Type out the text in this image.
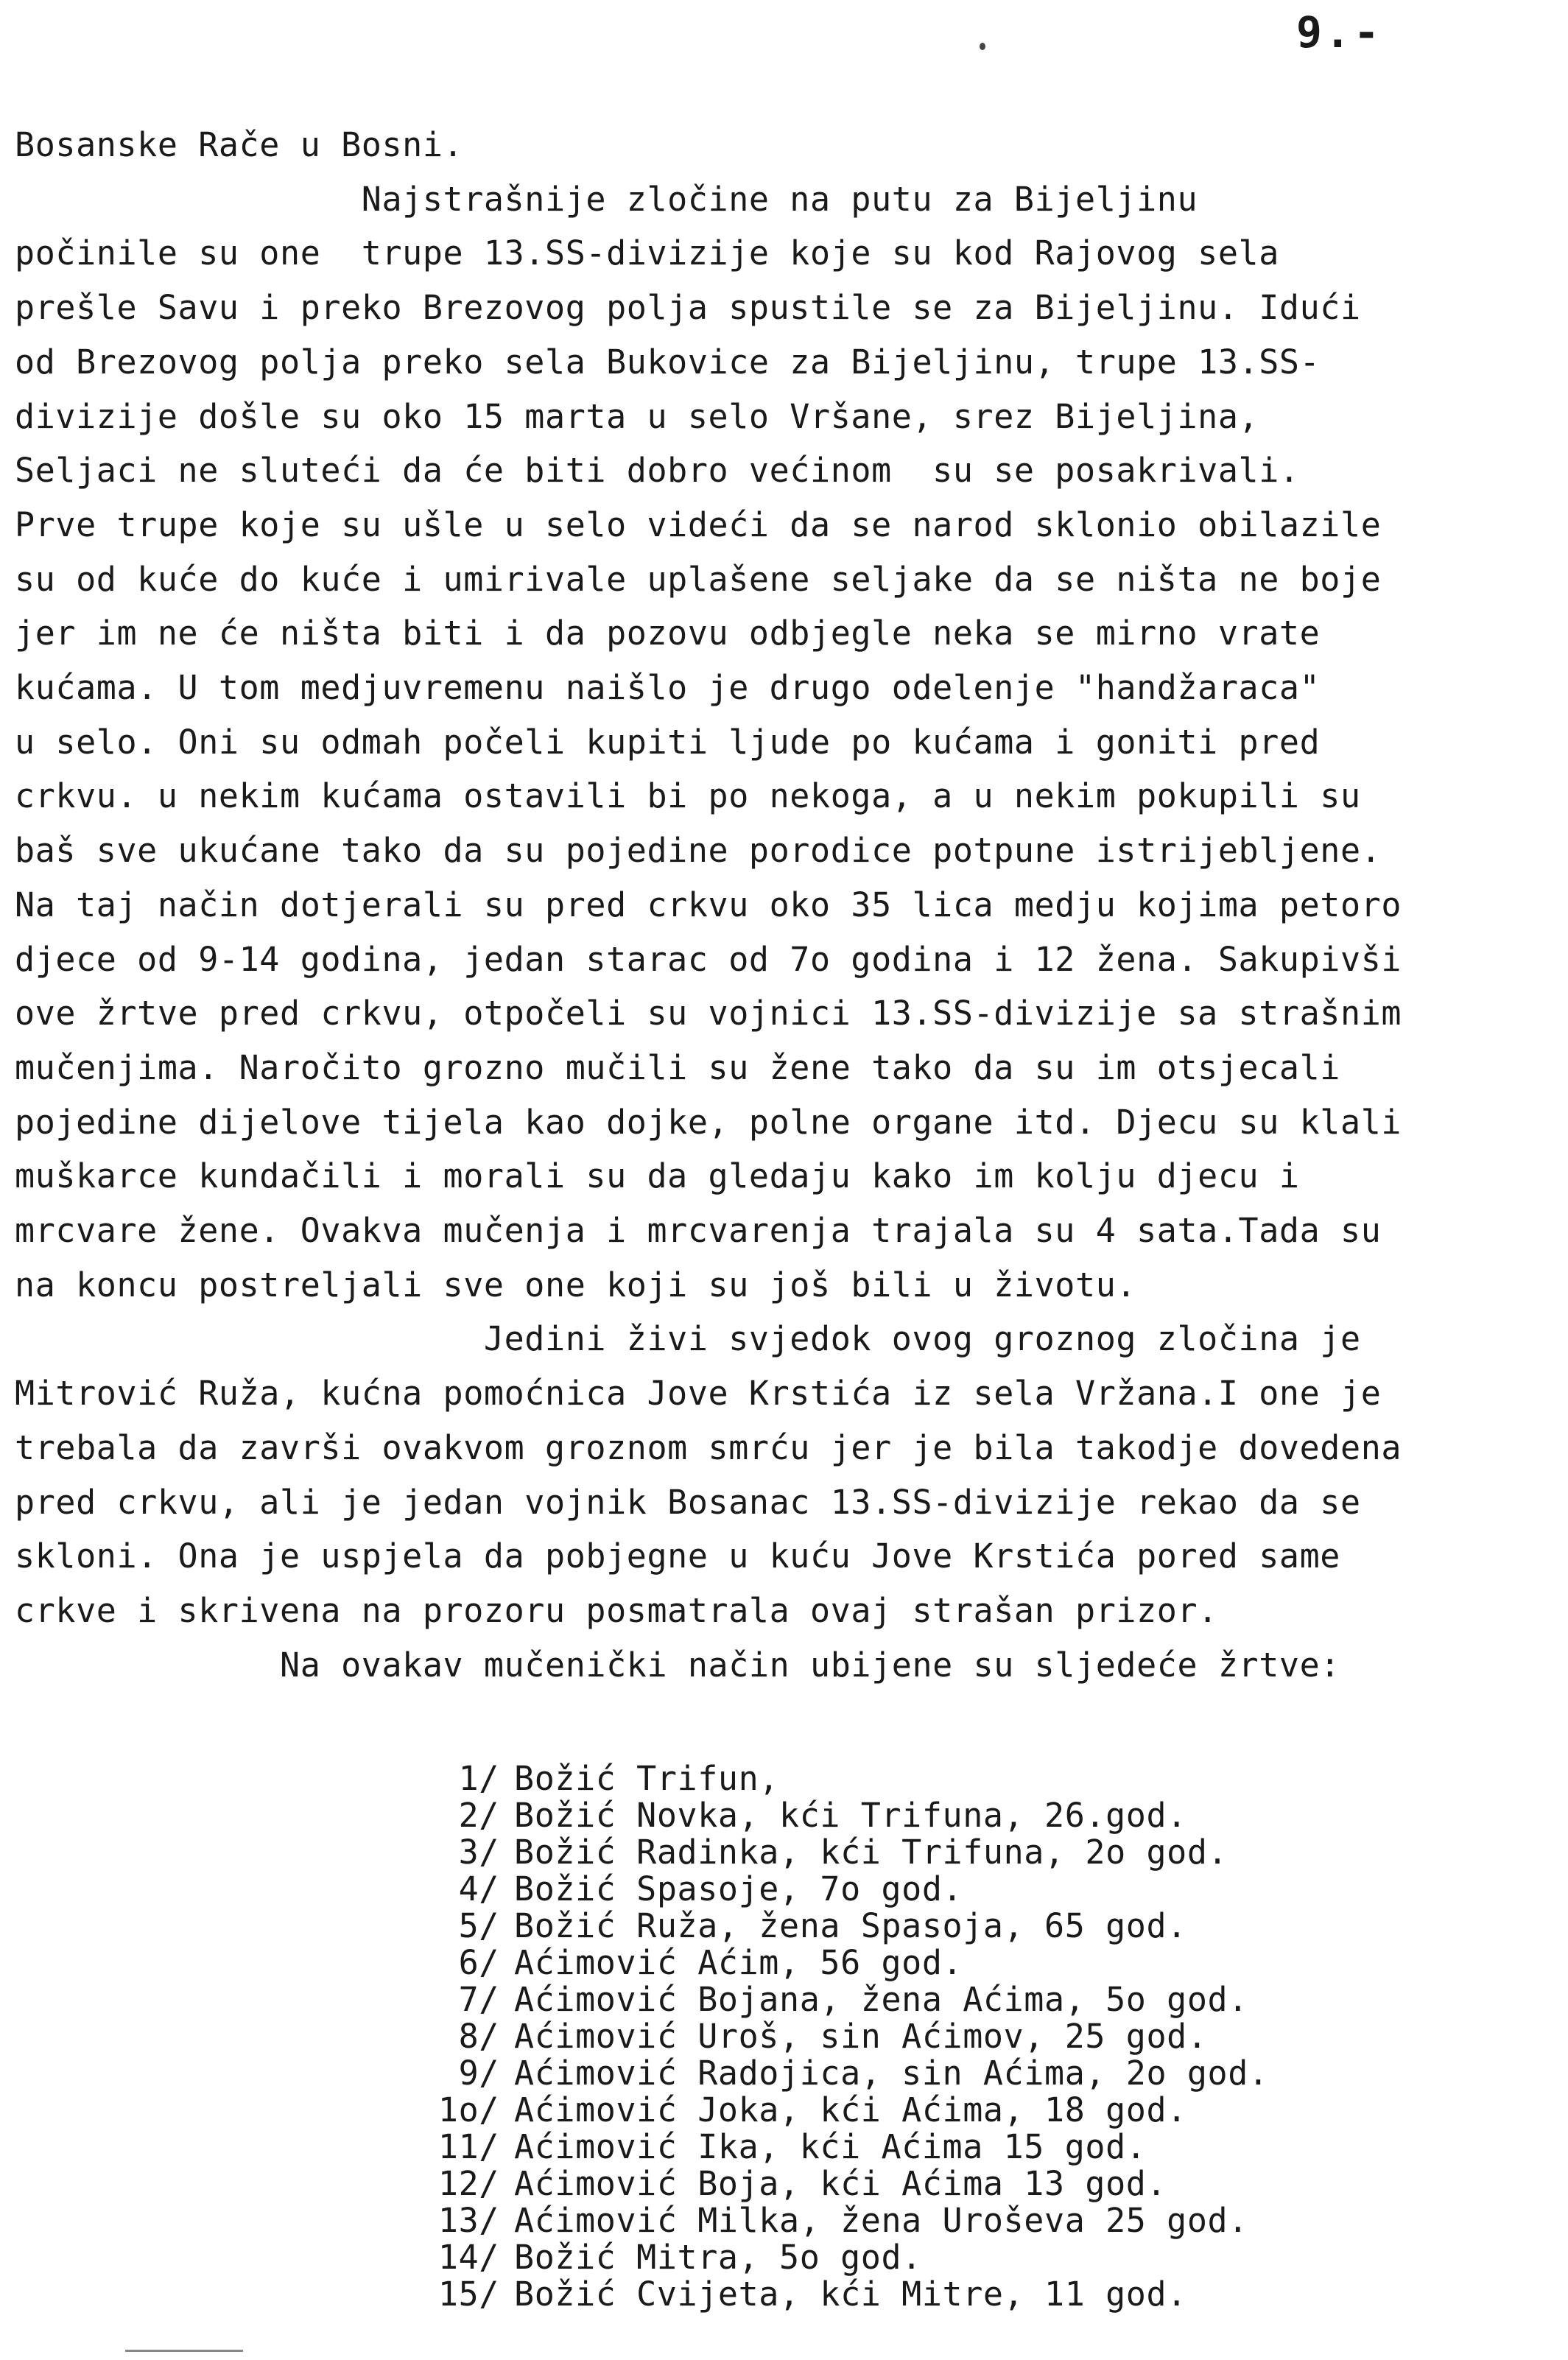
9.-
Bosanske Rače u Bosni.
Najstrašnije zločine na putu za Bijeljinu
počinile su one  trupe 13.SS-divizije koje su kod Rajovog sela
prešle Savu i preko Brezovog polja spustile se za Bijeljinu. Idući
od Brezovog polja preko sela Bukovice za Bijeljinu, trupe 13.SS-
divizije došle su oko 15 marta u selo Vršane, srez Bijeljina,
Seljaci ne sluteći da će biti dobro većinom  su se posakrivali.
Prve trupe koje su ušle u selo videći da se narod sklonio obilazile
su od kuće do kuće i umirivale uplašene seljake da se ništa ne boje
jer im ne će ništa biti i da pozovu odbjegle neka se mirno vrate
kućama. U tom medjuvremenu naišlo je drugo odelenje "handžaraca"
u selo. Oni su odmah počeli kupiti ljude po kućama i goniti pred
crkvu. u nekim kućama ostavili bi po nekoga, a u nekim pokupili su
baš sve ukućane tako da su pojedine porodice potpune istrijebljene.
Na taj način dotjerali su pred crkvu oko 35 lica medju kojima petoro
djece od 9-14 godina, jedan starac od 7o godina i 12 žena. Sakupivši
ove žrtve pred crkvu, otpočeli su vojnici 13.SS-divizije sa strašnim
mučenjima. Naročito grozno mučili su žene tako da su im otsjecali
pojedine dijelove tijela kao dojke, polne organe itd. Djecu su klali
muškarce kundačili i morali su da gledaju kako im kolju djecu i
mrcvare žene. Ovakva mučenja i mrcvarenja trajala su 4 sata.Tada su
na koncu postreljali sve one koji su još bili u životu.
Jedini živi svjedok ovog groznog zločina je
Mitrović Ruža, kućna pomoćnica Jove Krstića iz sela Vržana.I one je
trebala da završi ovakvom groznom smrću jer je bila takodje dovedena
pred crkvu, ali je jedan vojnik Bosanac 13.SS-divizije rekao da se
skloni. Ona je uspjela da pobjegne u kuću Jove Krstića pored same
crkve i skrivena na prozoru posmatrala ovaj strašan prizor.
Na ovakav mučenički način ubijene su sljedeće žrtve:
1/ Božić Trifun,
2/ Božić Novka, kći Trifuna, 26.god.
3/ Božić Radinka, kći Trifuna, 2o god.
4/ Božić Spasoje, 7o god.
5/ Božić Ruža, žena Spasoja, 65 god.
6/ Aćimović Aćim, 56 god.
7/ Aćimović Bojana, žena Aćima, 5o god.
8/ Aćimović Uroš, sin Aćimov, 25 god.
9/ Aćimović Radojica, sin Aćima, 2o god.
1o/ Aćimović Joka, kći Aćima, 18 god.
11/ Aćimović Ika, kći Aćima 15 god.
12/ Aćimović Boja, kći Aćima 13 god.
13/ Aćimović Milka, žena Uroševa 25 god.
14/ Božić Mitra, 5o god.
15/ Božić Cvijeta, kći Mitre, 11 god.
